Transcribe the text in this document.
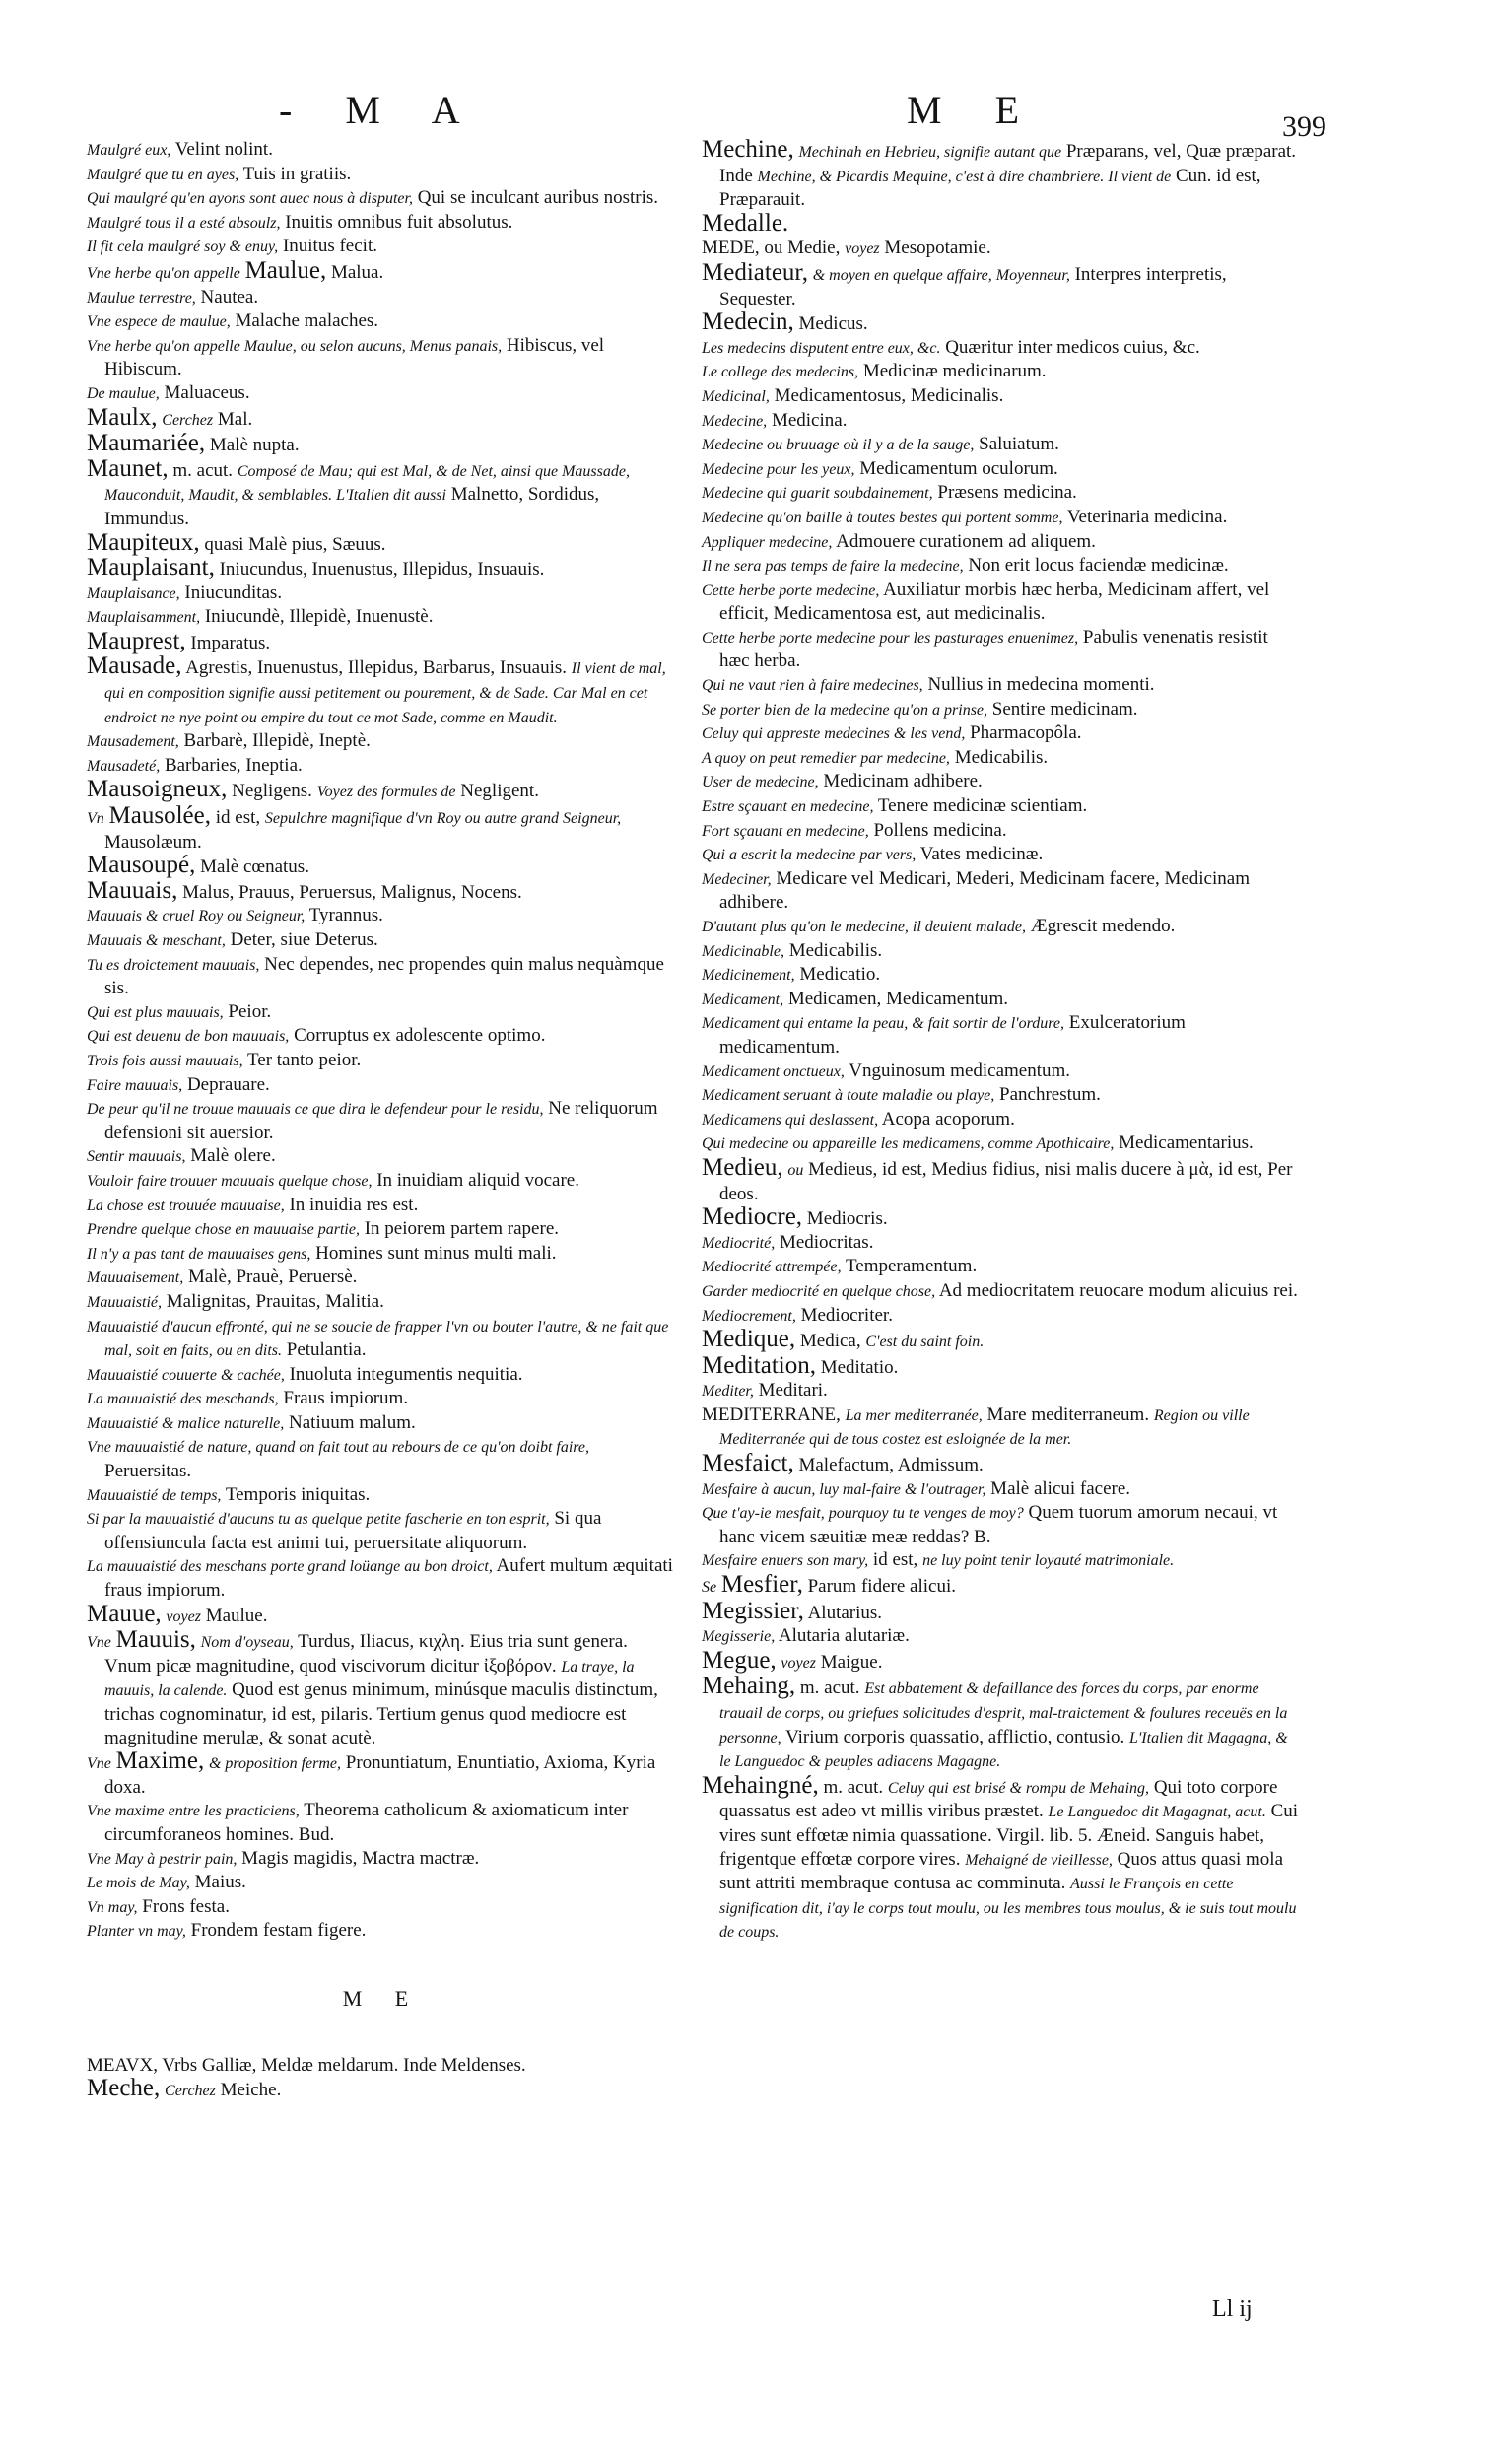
- M A	M E	399

Maulgré eux, Velint nolint.

Maulgré que tu en ayes, Tuis in gratiis.

Qui maulgré qu'en ayons sont auec nous à disputer, Qui se inculcant auribus nostris.

Maulgré tous il a esté absoulz, Inuitis omnibus fuit absolutus.

Il fit cela maulgré soy & enuy, Inuitus fecit.

Vne herbe qu'on appelle Maulue, Malua.

Maulue terrestre, Nautea.

Vne espece de maulue, Malache malaches.

Vne herbe qu'on appelle Maulue, ou selon aucuns, Menus panais, Hibiscus, vel Hibiscum.

De maulue, Maluaceus.

Maulx, Cerchez Mal.

Maumariée, Malè nupta.

Maunet, m. acut. Composé de Mau; qui est Mal, & de Net, ainsi que Maussade, Mauconduit, Maudit, & semblables. L'Italien dit aussi Malnetto, Sordidus, Immundus.

Maupiteux, quasi Malè pius, Sæuus.

Mauplaisant, Iniucundus, Inuenustus, Illepidus, Insuauis.

Mauplaisance, Iniucunditas.

Mauplaisamment, Iniucundè, Illepidè, Inuenustè.

Mauprest, Imparatus.

Mausade, Agrestis, Inuenustus, Illepidus, Barbarus, Insuauis. Il vient de mal, qui en composition signifie aussi petitement ou pourement, & de Sade. Car Mal en cet endroict ne nye point ou empire du tout ce mot Sade, comme en Maudit.

Mausadement, Barbarè, Illepidè, Ineptè.

Mausadeté, Barbaries, Ineptia.

Mausoigneux, Negligens. Voyez des formules de Negligent.

Vn Mausolée, id est, Sepulchre magnifique d'vn Roy ou autre grand Seigneur, Mausolæum.

Mausoupé, Malè cœnatus.

Mauuais, Malus, Prauus, Peruersus, Malignus, Nocens.

Mauuais & cruel Roy ou Seigneur, Tyrannus.

Mauuais & meschant, Deter, siue Deterus.

Tu es droictement mauuais, Nec dependes, nec propendes quin malus nequàmque sis.

Qui est plus mauuais, Peior.

Qui est deuenu de bon mauuais, Corruptus ex adolescente optimo.

Trois fois aussi mauuais, Ter tanto peior.

Faire mauuais, Deprauare.

De peur qu'il ne trouue mauuais ce que dira le defendeur pour le residu, Ne reliquorum defensioni sit auersior.

Sentir mauuais, Malè olere.

Vouloir faire trouuer mauuais quelque chose, In inuidiam aliquid vocare.

La chose est trouuée mauuaise, In inuidia res est.

Prendre quelque chose en mauuaise partie, In peiorem partem rapere.

Il n'y a pas tant de mauuaises gens, Homines sunt minus multi mali.

Mauuaisement, Malè, Prauè, Peruersè.

Mauuaistié, Malignitas, Prauitas, Malitia.

Mauuaistié d'aucun effronté, qui ne se soucie de frapper l'vn ou bouter l'autre, & ne fait que mal, soit en faits, ou en dits. Petulantia.

Mauuaistié couuerte & cachée, Inuoluta integumentis nequitia.

La mauuaistié des meschands, Fraus impiorum.

Mauuaistié & malice naturelle, Natiuum malum.

Vne mauuaistié de nature, quand on fait tout au rebours de ce qu'on doibt faire, Peruersitas.

Mauuaistié de temps, Temporis iniquitas.

Si par la mauuaistié d'aucuns tu as quelque petite fascherie en ton esprit, Si qua offensiuncula facta est animi tui, peruersitate aliquorum.

La mauuaistié des meschans porte grand loüange au bon droict, Aufert multum æquitati fraus impiorum.

Mauue, voyez Maulue.

Vne Mauuis, Nom d'oyseau, Turdus, Iliacus, κιχλη. Eius tria sunt genera. Vnum picæ magnitudine, quod viscivorum dicitur ἰξοβόρον. La traye, la mauuis, la calende. Quod est genus minimum, minúsque maculis distinctum, trichas cognominatur, id est, pilaris. Tertium genus quod mediocre est magnitudine merulæ, & sonat acutè.

Vne Maxime, & proposition ferme, Pronuntiatum, Enuntiatio, Axioma, Kyria doxa.

Vne maxime entre les practiciens, Theorema catholicum & axiomaticum inter circumforaneos homines. Bud.

Vne May à pestrir pain, Magis magidis, Mactra mactræ.

Le mois de May, Maius.

Vn may, Frons festa.

Planter vn may, Frondem festam figere.

M E

MEAVX, Vrbs Galliæ, Meldæ meldarum. Inde Meldenses.

Meche, Cerchez Meiche.

Mechine, Mechinah en Hebrieu, signifie autant que Præparans, vel, Quæ præparat. Inde Mechine, & Picardis Mequine, c'est à dire chambriere. Il vient de Cun. id est, Præparauit.

Medalle.

MEDE, ou Medie, voyez Mesopotamie.

Mediateur, & moyen en quelque affaire, Moyenneur, Interpres interpretis, Sequester.

Medecin, Medicus.

Les medecins disputent entre eux, &c. Quæritur inter medicos cuius, &c.

Le college des medecins, Medicinæ medicinarum.

Medicinal, Medicamentosus, Medicinalis.

Medecine, Medicina.

Medecine ou bruuage où il y a de la sauge, Saluiatum.

Medecine pour les yeux, Medicamentum oculorum.

Medecine qui guarit soubdainement, Præsens medicina.

Medecine qu'on baille à toutes bestes qui portent somme, Veterinaria medicina.

Appliquer medecine, Admouere curationem ad aliquem.

Il ne sera pas temps de faire la medecine, Non erit locus faciendæ medicinæ.

Cette herbe porte medecine, Auxiliatur morbis hæc herba, Medicinam affert, vel efficit, Medicamentosa est, aut medicinalis.

Cette herbe porte medecine pour les pasturages enuenimez, Pabulis venenatis resistit hæc herba.

Qui ne vaut rien à faire medecines, Nullius in medecina momenti.

Se porter bien de la medecine qu'on a prinse, Sentire medicinam.

Celuy qui appreste medecines & les vend, Pharmacopôla.

A quoy on peut remedier par medecine, Medicabilis.

User de medecine, Medicinam adhibere.

Estre sçauant en medecine, Tenere medicinæ scientiam.

Fort sçauant en medecine, Pollens medicina.

Qui a escrit la medecine par vers, Vates medicinæ.

Medeciner, Medicare vel Medicari, Mederi, Medicinam facere, Medicinam adhibere.

D'autant plus qu'on le medecine, il deuient malade, Ægrescit medendo.

Medicinable, Medicabilis.

Medicinement, Medicatio.

Medicament, Medicamen, Medicamentum.

Medicament qui entame la peau, & fait sortir de l'ordure, Exulceratorium medicamentum.

Medicament onctueux, Vnguinosum medicamentum.

Medicament seruant à toute maladie ou playe, Panchrestum.

Medicamens qui deslassent, Acopa acoporum.

Qui medecine ou appareille les medicamens, comme Apothicaire, Medicamentarius.

Medieu, ou Medieus, id est, Medius fidius, nisi malis ducere à μὰ, id est, Per deos.

Mediocre, Mediocris.

Mediocrité, Mediocritas.

Mediocrité attrempée, Temperamentum.

Garder mediocrité en quelque chose, Ad mediocritatem reuocare modum alicuius rei.

Mediocrement, Mediocriter.

Medique, Medica, C'est du saint foin.

Meditation, Meditatio.

Mediter, Meditari.

MEDITERRANE, La mer mediterranée, Mare mediterraneum. Region ou ville Mediterranée qui de tous costez est esloignée de la mer.

Mesfaict, Malefactum, Admissum.

Mesfaire à aucun, luy mal-faire & l'outrager, Malè alicui facere.

Que t'ay-ie mesfait, pourquoy tu te venges de moy? Quem tuorum amorum necaui, vt hanc vicem sæuitiæ meæ reddas? B.

Mesfaire enuers son mary, id est, ne luy point tenir loyauté matrimoniale.

Se Mesfier, Parum fidere alicui.

Megissier, Alutarius.

Megisserie, Alutaria alutariæ.

Megue, voyez Maigue.

Mehaing, m. acut. Est abbatement & defaillance des forces du corps, par enorme trauail de corps, ou griefues solicitudes d'esprit, mal-traictement & foulures receuës en la personne, Virium corporis quassatio, afflictio, contusio. L'Italien dit Magagna, & le Languedoc & peuples adiacens Magagne.

Mehaingné, m. acut. Celuy qui est brisé & rompu de Mehaing, Qui toto corpore quassatus est adeo vt millis viribus præstet. Le Languedoc dit Magagnat, acut. Cui vires sunt effœtæ nimia quassatione. Virgil. lib. 5. Æneid. Sanguis habet, frigentque effœtæ corpore vires. Mehaigné de vieillesse, Quos attus quasi mola sunt attriti membraque contusa ac comminuta. Aussi le François en cette signification dit, i'ay le corps tout moulu, ou les membres tous moulus, & ie suis tout moulu de coups.

Ll ij
